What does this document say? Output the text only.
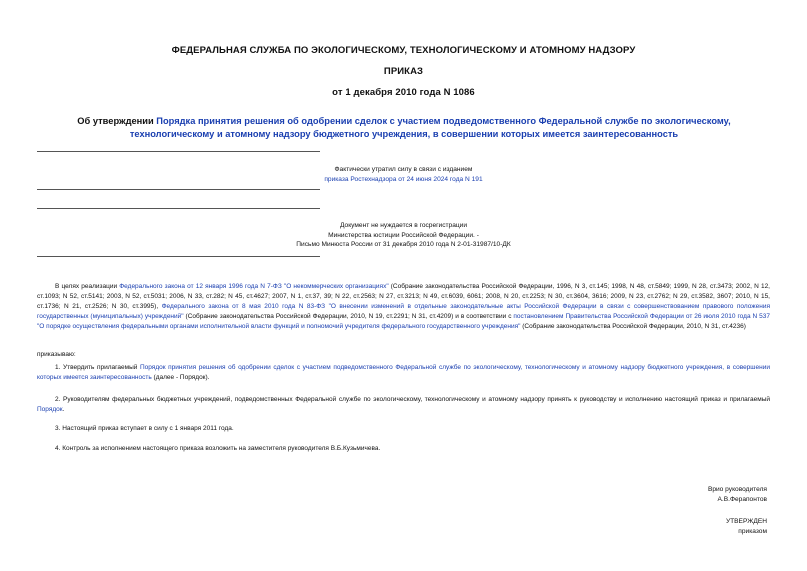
ФЕДЕРАЛЬНАЯ СЛУЖБА ПО ЭКОЛОГИЧЕСКОМУ, ТЕХНОЛОГИЧЕСКОМУ И АТОМНОМУ НАДЗОРУ
ПРИКАЗ
от 1 декабря 2010 года N 1086
Об утверждении Порядка принятия решения об одобрении сделок с участием подведомственного Федеральной службе по экологическому, технологическому и атомному надзору бюджетного учреждения, в совершении которых имеется заинтересованность
Фактически утратил силу в связи с изданием
приказа Ростехнадзора от 24 июня 2024 года N 191
Документ не нуждается в госрегистрации
Министерства юстиции Российской Федерации. -
Письмо Минюста России от 31 декабря 2010 года N 2-01-31987/10-ДК
В целях реализации Федерального закона от 12 января 1996 года N 7-ФЗ "О некоммерческих организациях" (Собрание законодательства Российской Федерации, 1996, N 3, ст.145; 1998, N 48, ст.5849; 1999, N 28, ст.3473; 2002, N 12, ст.1093; N 52, ст.5141; 2003, N 52, ст.5031; 2006, N 33, ст.282; N 45, ст.4627; 2007, N 1, ст.37, 39; N 22, ст.2563; N 27, ст.3213; N 49, ст.6039, 6061; 2008, N 20, ст.2253; N 30, ст.3604, 3616; 2009, N 23, ст.2762; N 29, ст.3582, 3607; 2010, N 15, ст.1736; N 21, ст.2526; N 30, ст.3995), Федерального закона от 8 мая 2010 года N 83-ФЗ "О внесении изменений в отдельные законодательные акты Российской Федерации в связи с совершенствованием правового положения государственных (муниципальных) учреждений" (Собрание законодательства Российской Федерации, 2010, N 19, ст.2291; N 31, ст.4209) и в соответствии с постановлением Правительства Российской Федерации от 26 июля 2010 года N 537 "О порядке осуществления федеральными органами исполнительной власти функций и полномочий учредителя федерального государственного учреждения" (Собрание законодательства Российской Федерации, 2010, N 31, ст.4236)
приказываю:
1. Утвердить прилагаемый Порядок принятия решения об одобрении сделок с участием подведомственного Федеральной службе по экологическому, технологическому и атомному надзору бюджетного учреждения, в совершении которых имеется заинтересованность (далее - Порядок).
2. Руководителям федеральных бюджетных учреждений, подведомственных Федеральной службе по экологическому, технологическому и атомному надзору принять к руководству и исполнению настоящий приказ и прилагаемый Порядок.
3. Настоящий приказ вступает в силу с 1 января 2011 года.
4. Контроль за исполнением настоящего приказа возложить на заместителя руководителя В.Б.Кузьмичева.
Врио руководителя
А.В.Ферапонтов
УТВЕРЖДЕН
приказом
